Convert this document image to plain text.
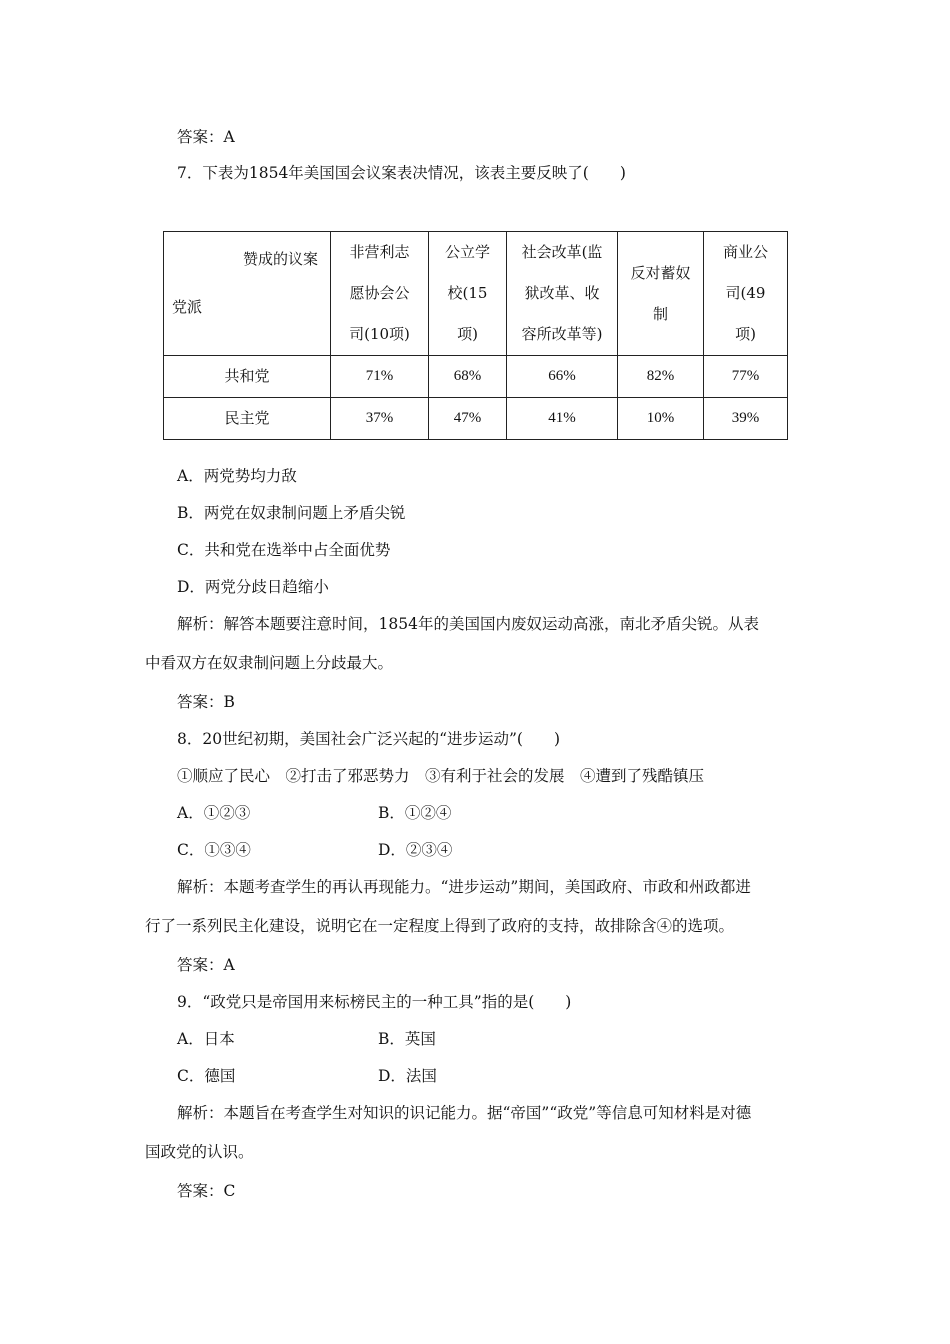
答案：A
7．下表为1854年美国国会议案表决情况，该表主要反映了(　　)
赞成的议案
党派	非营利志
愿协会公
司(10项)	公立学
校(15
项)	社会改革(监
狱改革、收
容所改革等)	反对蓄奴
制	商业公
司(49
项)
共和党	71%	68%	66%	82%	77%
民主党	37%	47%	41%	10%	39%
A．两党势均力敌
B．两党在奴隶制问题上矛盾尖锐
C．共和党在选举中占全面优势
D．两党分歧日趋缩小
解析：解答本题要注意时间，1854年的美国国内废奴运动高涨，南北矛盾尖锐。从表
中看双方在奴隶制问题上分歧最大。
答案：B
8．20世纪初期，美国社会广泛兴起的“进步运动”(　　)
①顺应了民心　②打击了邪恶势力　③有利于社会的发展　④遭到了残酷镇压
A．①②③	B．①②④
C．①③④	D．②③④
解析：本题考查学生的再认再现能力。“进步运动”期间，美国政府、市政和州政都进
行了一系列民主化建设，说明它在一定程度上得到了政府的支持，故排除含④的选项。
答案：A
9．“政党只是帝国用来标榜民主的一种工具”指的是(　　)
A．日本	B．英国
C．德国	D．法国
解析：本题旨在考查学生对知识的识记能力。据“帝国”“政党”等信息可知材料是对德
国政党的认识。
答案：C
